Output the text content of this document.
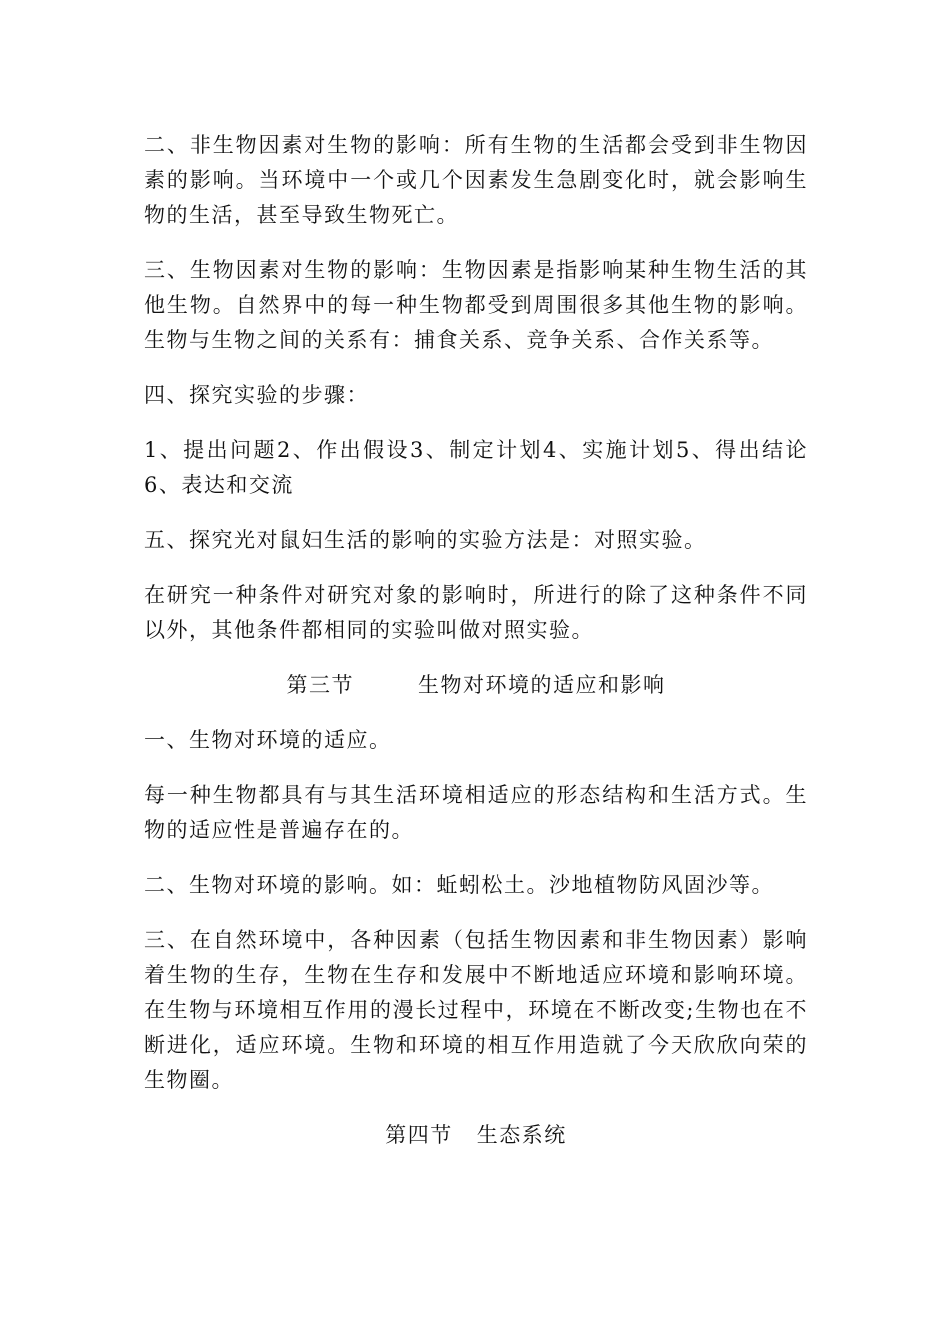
二、非生物因素对生物的影响：所有生物的生活都会受到非生物因素的影响。当环境中一个或几个因素发生急剧变化时，就会影响生物的生活，甚至导致生物死亡。

三、生物因素对生物的影响：生物因素是指影响某种生物生活的其他生物。自然界中的每一种生物都受到周围很多其他生物的影响。生物与生物之间的关系有：捕食关系、竞争关系、合作关系等。

四、探究实验的步骤：

1、提出问题2、作出假设3、制定计划4、实施计划5、得出结论6、表达和交流

五、探究光对鼠妇生活的影响的实验方法是：对照实验。

在研究一种条件对研究对象的影响时，所进行的除了这种条件不同以外，其他条件都相同的实验叫做对照实验。

第三节	生物对环境的适应和影响

一、生物对环境的适应。

每一种生物都具有与其生活环境相适应的形态结构和生活方式。生物的适应性是普遍存在的。

二、生物对环境的影响。如：蚯蚓松土。沙地植物防风固沙等。

三、在自然环境中，各种因素（包括生物因素和非生物因素）影响着生物的生存，生物在生存和发展中不断地适应环境和影响环境。在生物与环境相互作用的漫长过程中，环境在不断改变;生物也在不断进化，适应环境。生物和环境的相互作用造就了今天欣欣向荣的生物圈。

第四节 生态系统
